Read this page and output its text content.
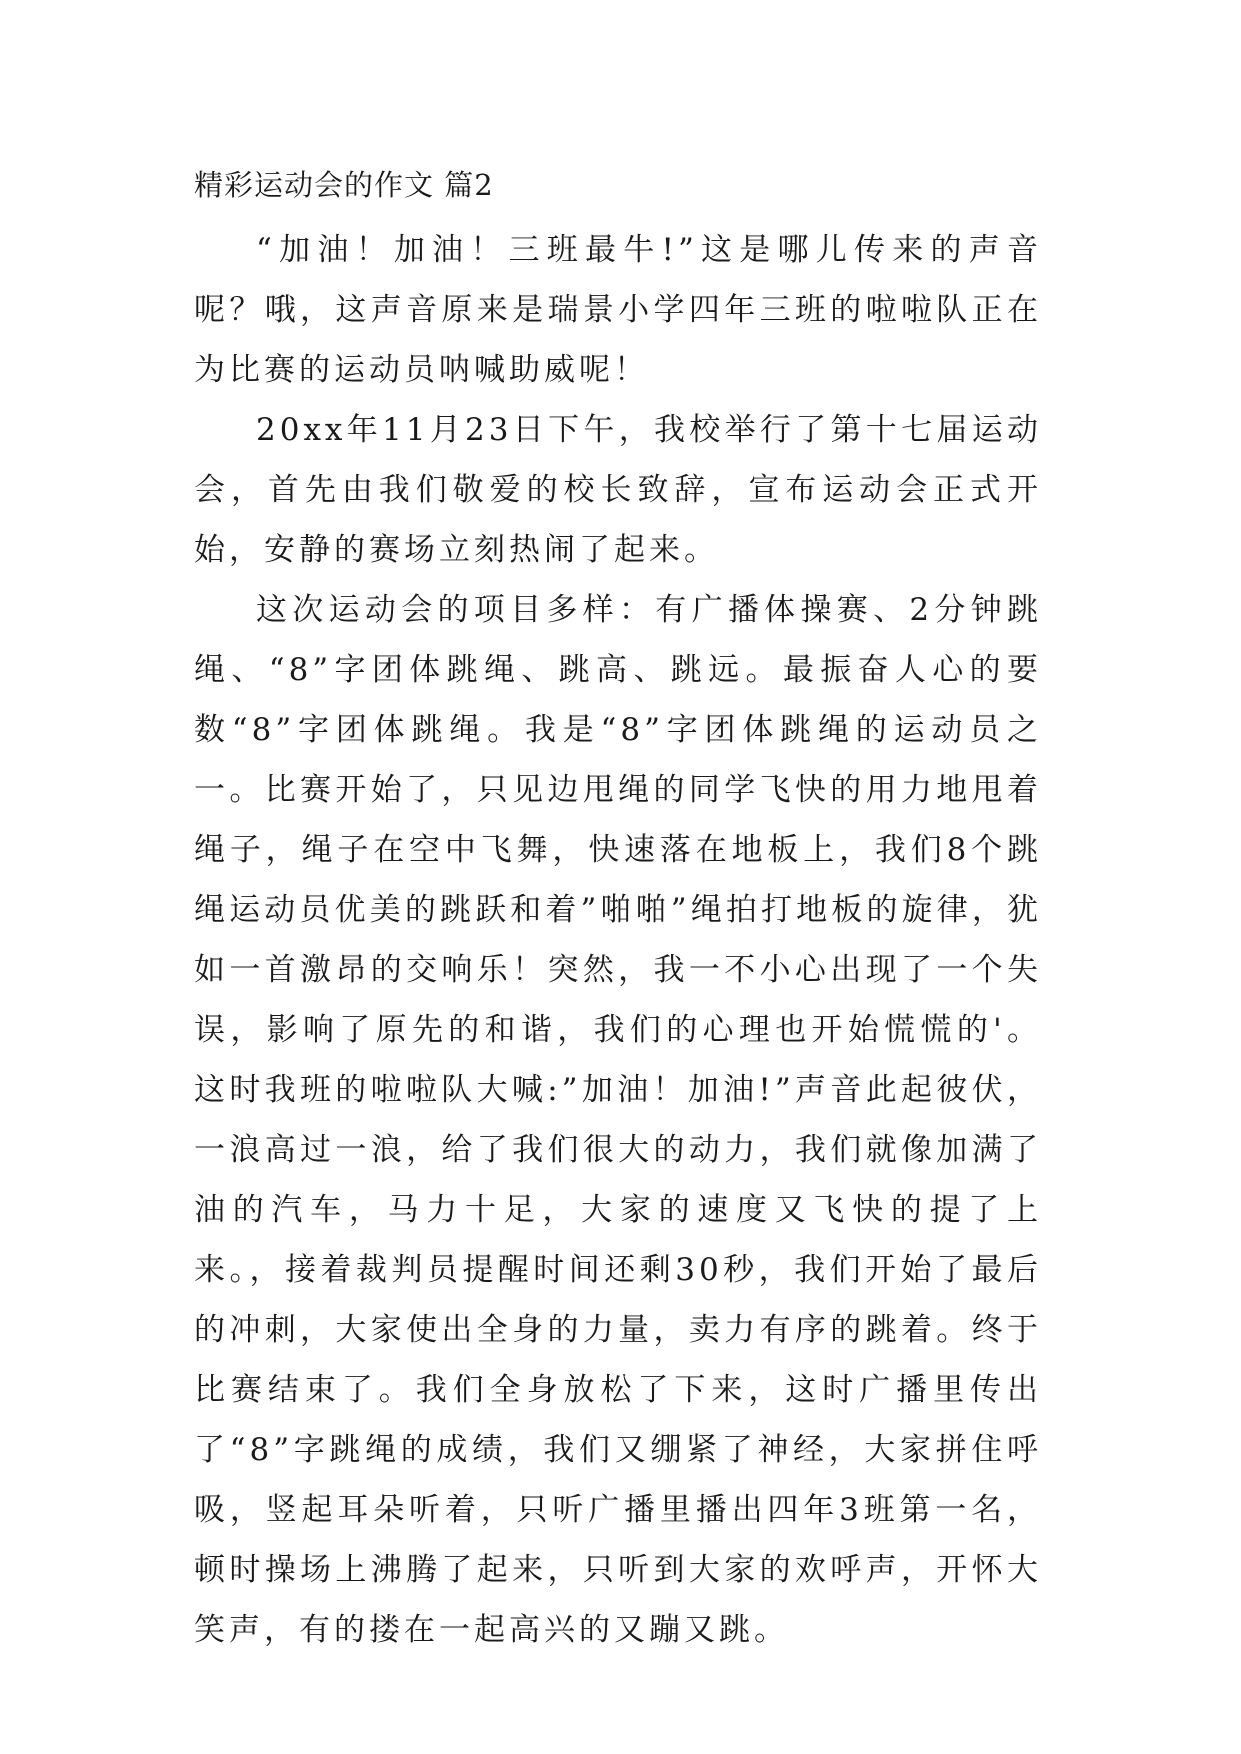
精彩运动会的作文 篇2

“加油！加油！三班最牛!”这是哪儿传来的声音呢？哦，这声音原来是瑞景小学四年三班的啦啦队正在为比赛的运动员呐喊助威呢！

20xx年11月23日下午，我校举行了第十七届运动会，首先由我们敬爱的校长致辞，宣布运动会正式开始，安静的赛场立刻热闹了起来。

这次运动会的项目多样：有广播体操赛、2分钟跳绳、“8”字团体跳绳、跳高、跳远。最振奋人心的要数“8”字团体跳绳。我是“8”字团体跳绳的运动员之一。比赛开始了，只见边甩绳的同学飞快的用力地甩着绳子，绳子在空中飞舞，快速落在地板上，我们8个跳绳运动员优美的跳跃和着”啪啪”绳拍打地板的旋律，犹如一首激昂的交响乐！突然，我一不小心出现了一个失误，影响了原先的和谐，我们的心理也开始慌慌的'。这时我班的啦啦队大喊:”加油！加油!”声音此起彼伏，一浪高过一浪，给了我们很大的动力，我们就像加满了油的汽车，马力十足，大家的速度又飞快的提了上来。，接着裁判员提醒时间还剩30秒，我们开始了最后的冲刺，大家使出全身的力量，卖力有序的跳着。终于比赛结束了。我们全身放松了下来，这时广播里传出了“8”字跳绳的成绩，我们又绷紧了神经，大家拼住呼吸，竖起耳朵听着，只听广播里播出四年3班第一名，顿时操场上沸腾了起来，只听到大家的欢呼声，开怀大笑声，有的搂在一起高兴的又蹦又跳。
